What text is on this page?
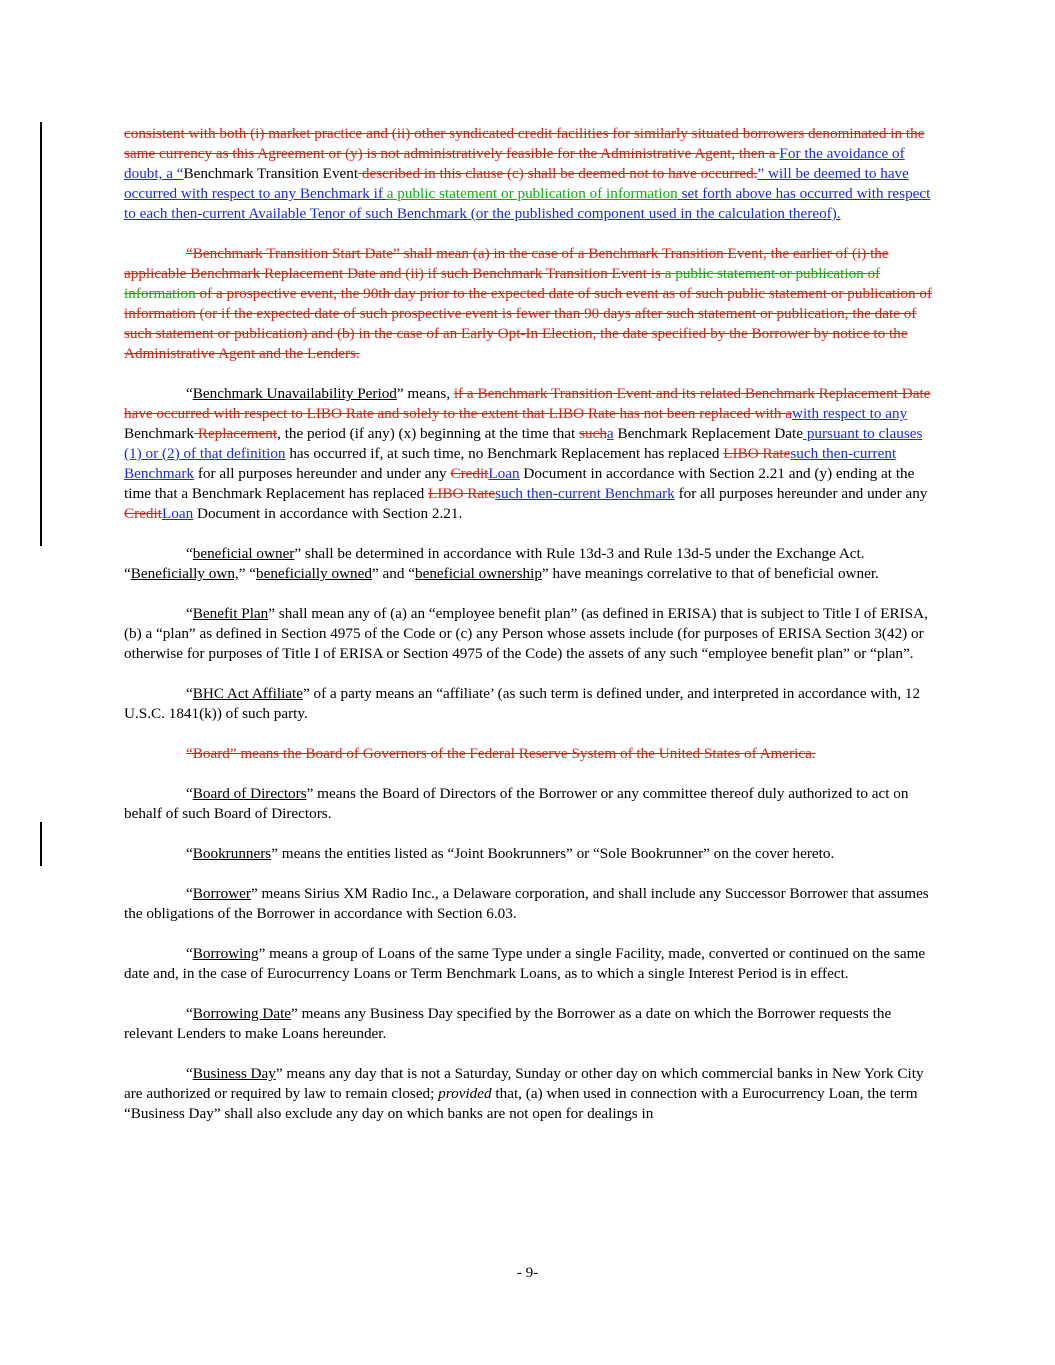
consistent with both (i) market practice and (ii) other syndicated credit facilities for similarly situated borrowers denominated in the same currency as this Agreement or (y) is not administratively feasible for the Administrative Agent, then a For the avoidance of doubt, a “Benchmark Transition Event described in this clause (c) shall be deemed not to have occurred.” will be deemed to have occurred with respect to any Benchmark if a public statement or publication of information set forth above has occurred with respect to each then-current Available Tenor of such Benchmark (or the published component used in the calculation thereof).

“Benchmark Transition Start Date” shall mean (a) in the case of a Benchmark Transition Event, the earlier of (i) the applicable Benchmark Replacement Date and (ii) if such Benchmark Transition Event is a public statement or publication of information of a prospective event, the 90th day prior to the expected date of such event as of such public statement or publication of information (or if the expected date of such prospective event is fewer than 90 days after such statement or publication, the date of such statement or publication) and (b) in the case of an Early Opt-In Election, the date specified by the Borrower by notice to the Administrative Agent and the Lenders.

“Benchmark Unavailability Period” means, if a Benchmark Transition Event and its related Benchmark Replacement Date have occurred with respect to LIBO Rate and solely to the extent that LIBO Rate has not been replaced with awith respect to any Benchmark Replacement, the period (if any) (x) beginning at the time that sucha Benchmark Replacement Date pursuant to clauses (1) or (2) of that definition has occurred if, at such time, no Benchmark Replacement has replaced LIBO Ratesuch then-current Benchmark for all purposes hereunder and under any CreditLoan Document in accordance with Section 2.21 and (y) ending at the time that a Benchmark Replacement has replaced LIBO Ratesuch then-current Benchmark for all purposes hereunder and under any CreditLoan Document in accordance with Section 2.21.

“beneficial owner” shall be determined in accordance with Rule 13d-3 and Rule 13d-5 under the Exchange Act. “Beneficially own,” “beneficially owned” and “beneficial ownership” have meanings correlative to that of beneficial owner.

“Benefit Plan” shall mean any of (a) an “employee benefit plan” (as defined in ERISA) that is subject to Title I of ERISA, (b) a “plan” as defined in Section 4975 of the Code or (c) any Person whose assets include (for purposes of ERISA Section 3(42) or otherwise for purposes of Title I of ERISA or Section 4975 of the Code) the assets of any such “employee benefit plan” or “plan”.

“BHC Act Affiliate” of a party means an “affiliate’ (as such term is defined under, and interpreted in accordance with, 12 U.S.C. 1841(k)) of such party.

“Board” means the Board of Governors of the Federal Reserve System of the United States of America.

“Board of Directors” means the Board of Directors of the Borrower or any committee thereof duly authorized to act on behalf of such Board of Directors.

“Bookrunners” means the entities listed as “Joint Bookrunners” or “Sole Bookrunner” on the cover hereto.

“Borrower” means Sirius XM Radio Inc., a Delaware corporation, and shall include any Successor Borrower that assumes the obligations of the Borrower in accordance with Section 6.03.

“Borrowing” means a group of Loans of the same Type under a single Facility, made, converted or continued on the same date and, in the case of Eurocurrency Loans or Term Benchmark Loans, as to which a single Interest Period is in effect.

“Borrowing Date” means any Business Day specified by the Borrower as a date on which the Borrower requests the relevant Lenders to make Loans hereunder.

“Business Day” means any day that is not a Saturday, Sunday or other day on which commercial banks in New York City are authorized or required by law to remain closed; provided that, (a) when used in connection with a Eurocurrency Loan, the term “Business Day” shall also exclude any day on which banks are not open for dealings in

- 9-
